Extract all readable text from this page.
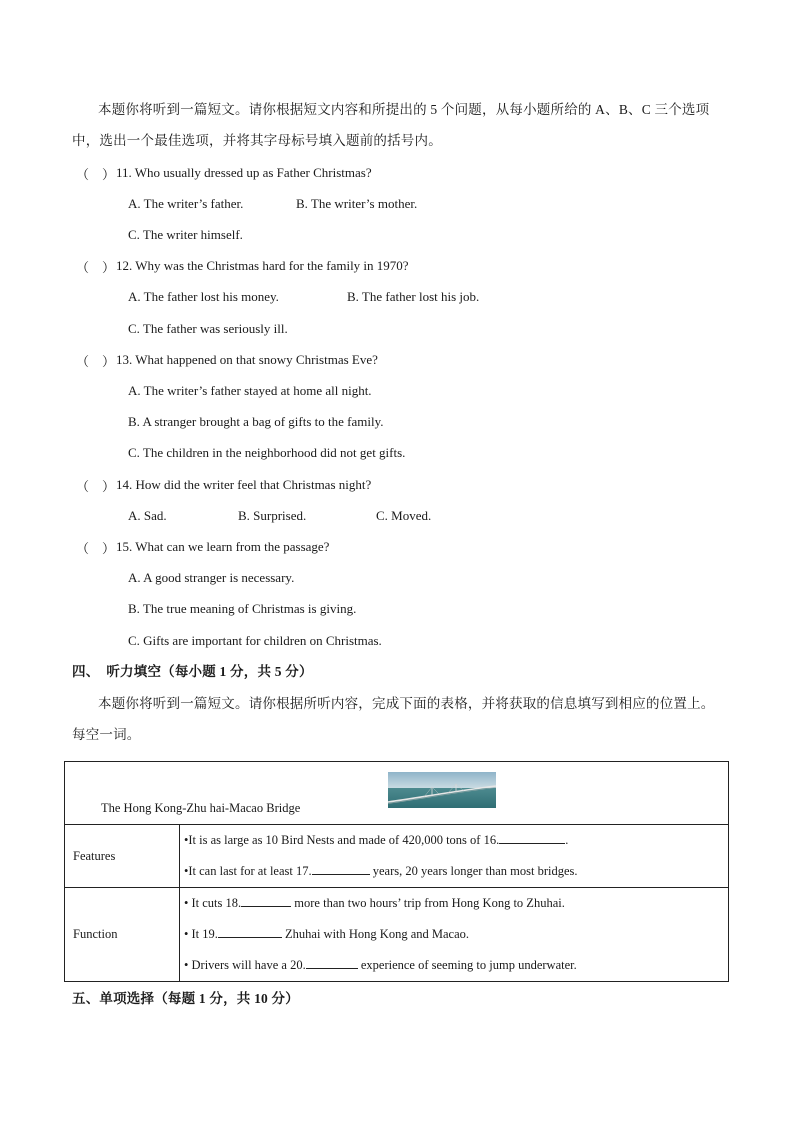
本题你将听到一篇短文。请你根据短文内容和所提出的 5 个问题，从每小题所给的 A、B、C 三个选项
中，选出一个最佳选项，并将其字母标号填入题前的括号内。
（　） 11. Who usually dressed up as Father Christmas?
A. The writer’s father.	B. The writer’s mother.
C. The writer himself.
（　） 12. Why was the Christmas hard for the family in 1970?
A. The father lost his money.	B. The father lost his job.
C. The father was seriously ill.
（　） 13. What happened on that snowy Christmas Eve?
A. The writer’s father stayed at home all night.
B. A stranger brought a bag of gifts to the family.
C. The children in the neighborhood did not get gifts.
（　） 14. How did the writer feel that Christmas night?
A. Sad.	B. Surprised.	C. Moved.
（　） 15. What can we learn from the passage?
A. A good stranger is necessary.
B. The true meaning of Christmas is giving.
C. Gifts are important for children on Christmas.
四、　听力填空（每小题 1 分，共 5 分）
本题你将听到一篇短文。请你根据所听内容，完成下面的表格，并将获取的信息填写到相应的位置上。
每空一词。
The Hong Kong-Zhu hai-Macao Bridge	

Features	•It is as large as 10 Bird Nests and made of 420,000 tons of 16. .
•It can last for at least 17. years, 20 years longer than most bridges.

Function	• It cuts 18. more than two hours’ trip from Hong Kong to Zhuhai.
• It 19. Zhuhai with Hong Kong and Macao.
• Drivers will have a 20. experience of seeming to jump underwater.
五、单项选择（每题 1 分，共 10 分）
